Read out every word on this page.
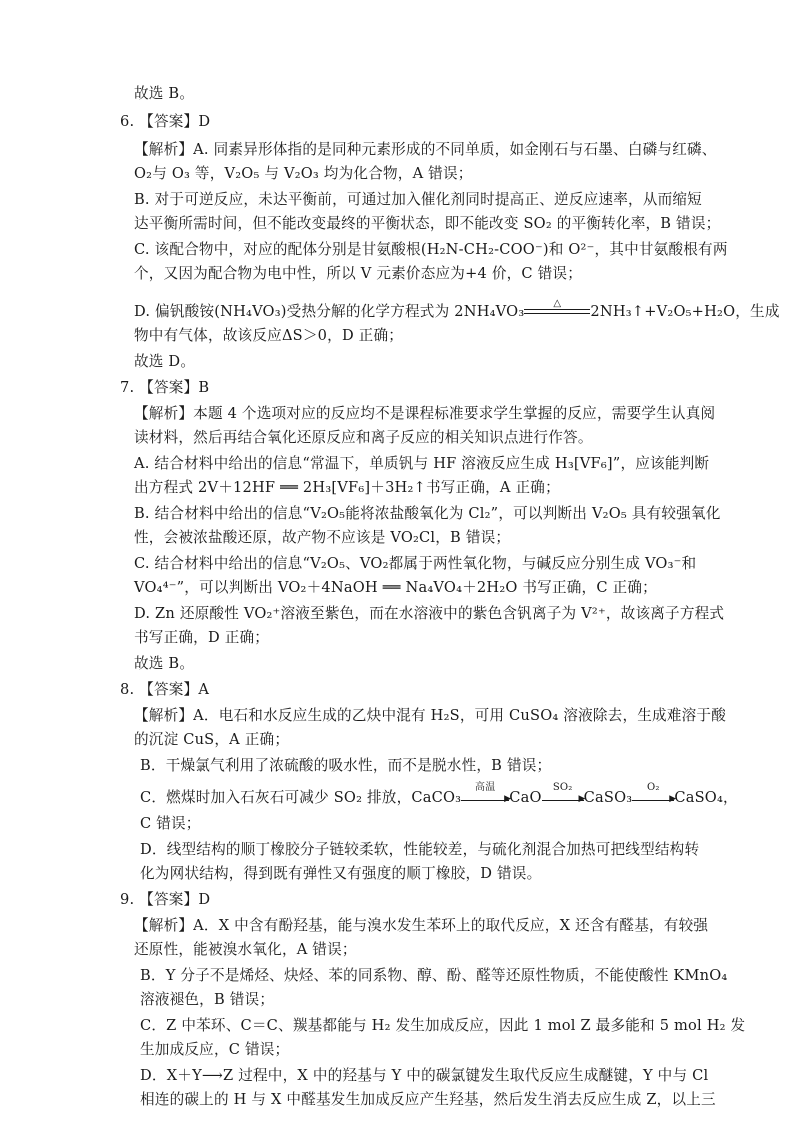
故选 B。
6. 【答案】D
【解析】A. 同素异形体指的是同种元素形成的不同单质，如金刚石与石墨、白磷与红磷、
O₂与 O₃ 等，V₂O₅ 与 V₂O₃ 均为化合物，A 错误；
B. 对于可逆反应，未达平衡前，可通过加入催化剂同时提高正、逆反应速率，从而缩短
达平衡所需时间，但不能改变最终的平衡状态，即不能改变 SO₂ 的平衡转化率，B 错误；
C. 该配合物中，对应的配体分别是甘氨酸根(H₂N-CH₂-COO⁻)和 O²⁻，其中甘氨酸根有两
个，又因为配合物为电中性，所以 V 元素价态应为+4 价，C 错误；
D. 偏钒酸铵(NH₄VO₃)受热分解的化学方程式为 2NH₄VO₃	△	2NH₃↑+V₂O₅+H₂O，生成
物中有气体，故该反应ΔS＞0，D 正确；
故选 D。
7. 【答案】B
【解析】本题 4 个选项对应的反应均不是课程标准要求学生掌握的反应，需要学生认真阅
读材料，然后再结合氧化还原反应和离子反应的相关知识点进行作答。
A. 结合材料中给出的信息“常温下，单质钒与 HF 溶液反应生成 H₃[VF₆]”，应该能判断
出方程式 2V＋12HF ══ 2H₃[VF₆]＋3H₂↑书写正确，A 正确；
B. 结合材料中给出的信息“V₂O₅能将浓盐酸氧化为 Cl₂”，可以判断出 V₂O₅ 具有较强氧化
性，会被浓盐酸还原，故产物不应该是 VO₂Cl，B 错误；
C. 结合材料中给出的信息“V₂O₅、VO₂都属于两性氧化物，与碱反应分别生成 VO₃⁻和
VO₄⁴⁻”，可以判断出 VO₂＋4NaOH ══ Na₄VO₄＋2H₂O 书写正确，C 正确；
D. Zn 还原酸性 VO₂⁺溶液至紫色，而在水溶液中的紫色含钒离子为 V²⁺，故该离子方程式
书写正确，D 正确；
故选 B。
8. 【答案】A
【解析】A．电石和水反应生成的乙炔中混有 H₂S，可用 CuSO₄ 溶液除去，生成难溶于酸
的沉淀 CuS，A 正确；
B．干燥氯气利用了浓硫酸的吸水性，而不是脱水性，B 错误；
C．燃煤时加入石灰石可减少 SO₂ 排放，CaCO₃
高温
▶
CaO
SO₂
▶
CaSO₃
O₂
▶
CaSO₄，
C 错误；
D．线型结构的顺丁橡胶分子链较柔软，性能较差，与硫化剂混合加热可把线型结构转
化为网状结构，得到既有弹性又有强度的顺丁橡胶，D 错误。
9. 【答案】D
【解析】A．X 中含有酚羟基，能与溴水发生苯环上的取代反应，X 还含有醛基，有较强
还原性，能被溴水氧化，A 错误；
B．Y 分子不是烯烃、炔烃、苯的同系物、醇、酚、醛等还原性物质，不能使酸性 KMnO₄
溶液褪色，B 错误；
C．Z 中苯环、C＝C、羰基都能与 H₂ 发生加成反应，因此 1 mol Z 最多能和 5 mol H₂ 发
生加成反应，C 错误；
D．X＋Y⟶Z 过程中，X 中的羟基与 Y 中的碳氯键发生取代反应生成醚键，Y 中与 Cl
相连的碳上的 H 与 X 中醛基发生加成反应产生羟基，然后发生消去反应生成 Z，以上三
